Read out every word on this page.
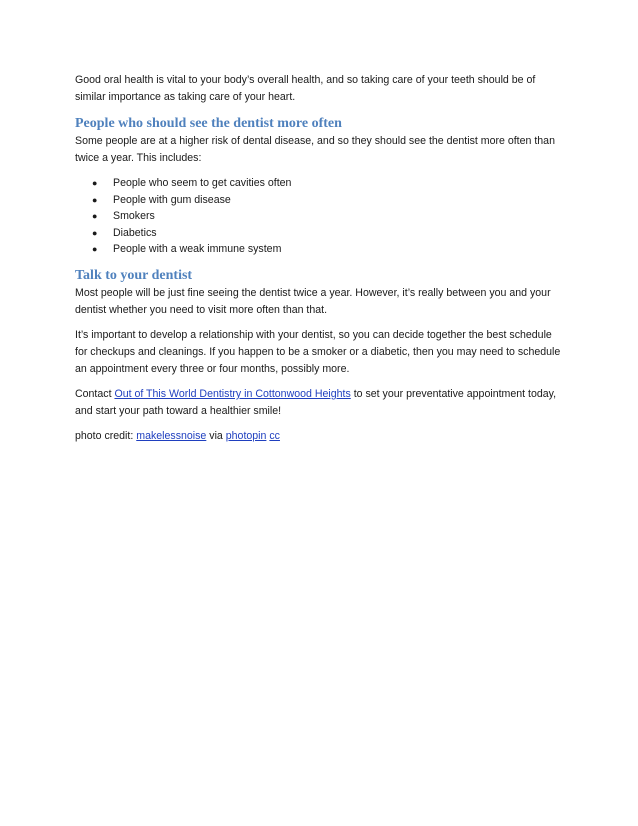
Good oral health is vital to your body’s overall health, and so taking care of your teeth should be of similar importance as taking care of your heart.

People who should see the dentist more often

Some people are at a higher risk of dental disease, and so they should see the dentist more often than twice a year. This includes:

● People who seem to get cavities often
● People with gum disease
● Smokers
● Diabetics
● People with a weak immune system
Talk to your dentist

Most people will be just fine seeing the dentist twice a year. However, it’s really between you and your dentist whether you need to visit more often than that.

It’s important to develop a relationship with your dentist, so you can decide together the best schedule for checkups and cleanings. If you happen to be a smoker or a diabetic, then you may need to schedule an appointment every three or four months, possibly more.

Contact Out of This World Dentistry in Cottonwood Heights to set your preventative appointment today, and start your path toward a healthier smile!

photo credit: makelessnoise via photopin cc
